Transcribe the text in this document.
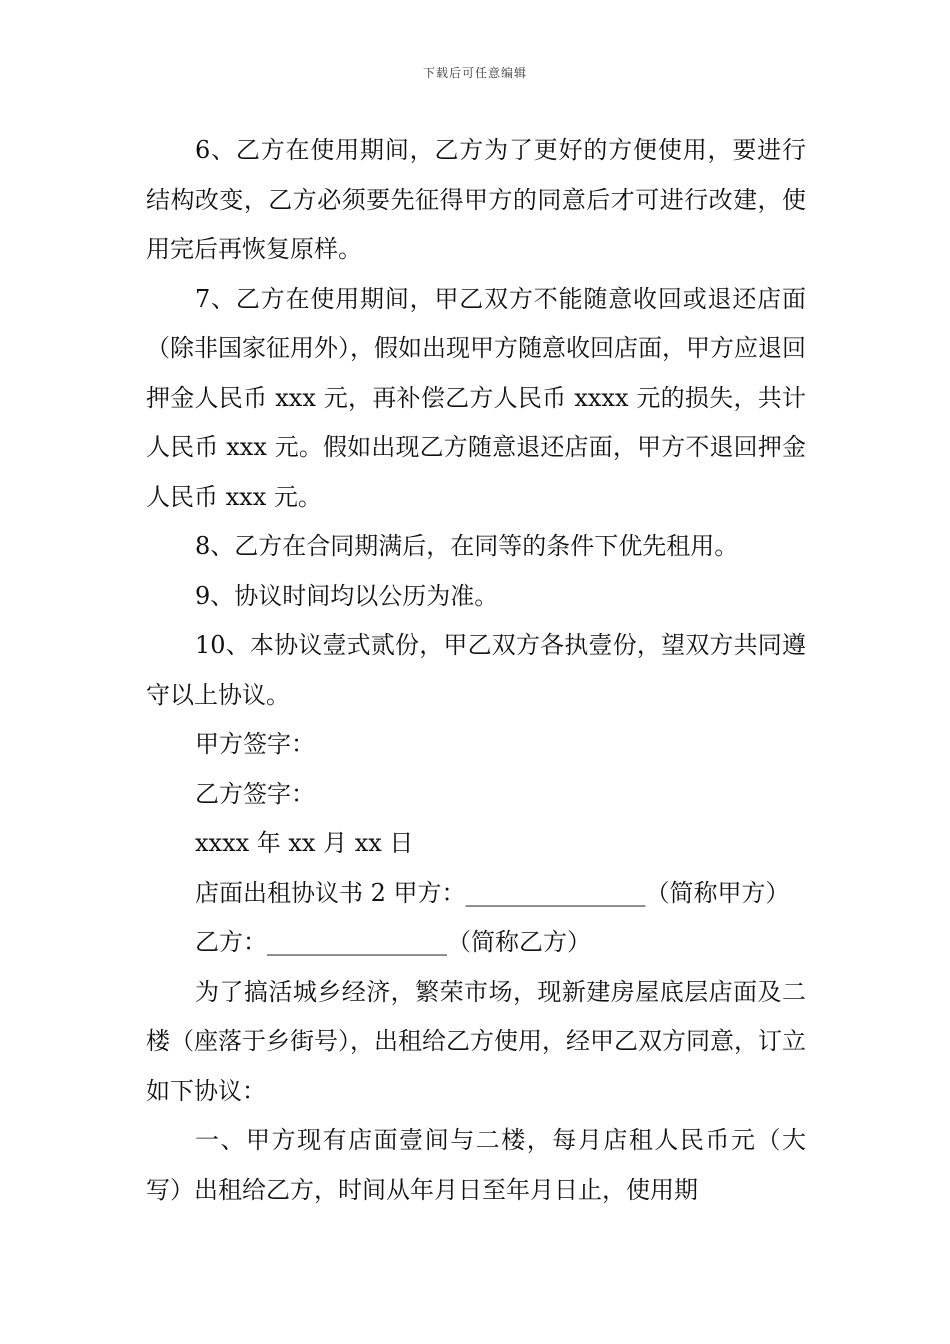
下载后可任意编辑

6、乙方在使用期间，乙方为了更好的方便使用，要进行结构改变，乙方必须要先征得甲方的同意后才可进行改建，使用完后再恢复原样。

7、乙方在使用期间，甲乙双方不能随意收回或退还店面（除非国家征用外），假如出现甲方随意收回店面，甲方应退回押金人民币 xxx 元，再补偿乙方人民币 xxxx 元的损失，共计人民币 xxx 元。假如出现乙方随意退还店面，甲方不退回押金人民币 xxx 元。

8、乙方在合同期满后，在同等的条件下优先租用。

9、协议时间均以公历为准。

10、本协议壹式贰份，甲乙双方各执壹份，望双方共同遵守以上协议。

甲方签字：

乙方签字：

xxxx 年 xx 月 xx 日

店面出租协议书 2 甲方：_______________（简称甲方）

乙方：_______________（简称乙方）

为了搞活城乡经济，繁荣市场，现新建房屋底层店面及二楼（座落于乡街号），出租给乙方使用，经甲乙双方同意，订立如下协议：

一、甲方现有店面壹间与二楼，每月店租人民币元（大写）出租给乙方，时间从年月日至年月日止，使用期
